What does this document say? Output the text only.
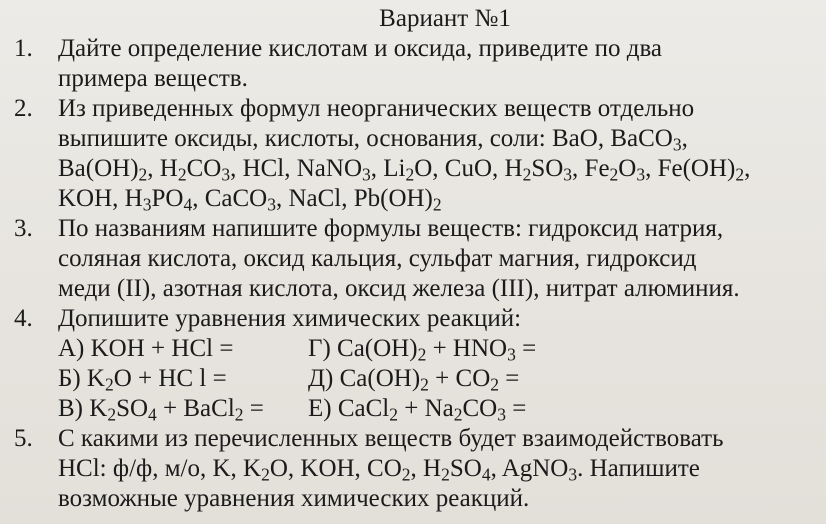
Вариант №1
1. Дайте определение кислотам и оксида, приведите по два
примера веществ.
2. Из приведенных формул неорганических веществ отдельно
выпишите оксиды, кислоты, основания, соли: BaO, BaCO$_3$,
$Ba(OH)_2$, $H_2CO_3$, HCl, NaNO$_3$, $Li_2O$, CuO, $H_2SO_3$, $Fe_2O_3$, $Fe(OH)_2$,
KOH, $H_3PO_4$, CaCO$_3$, NaCl, $Pb(OH)_2$
3. По названиям напишите формулы веществ: гидроксид натрия,
соляная кислота, оксид кальция, сульфат магния, гидроксид
меди (II), азотная кислота, оксид железа (III), нитрат алюминия.
4. Допишите уравнения химических реакций:
А) KOH + HCl =	Г) $Ca(OH)_2 + HNO_3$ =
Б) $K_2O$ + HC l =	Д) $Ca(OH)_2 + CO_2$ =
В) $K_2SO_4$ + BaCl$_2$ =	Е) CaCl$_2$ + $Na_2CO_3$ =
5. С какими из перечисленных веществ будет взаимодействовать
HCl: ф/ф, м/о, K, $K_2O$, KOH, $CO_2$, $H_2SO_4$, AgNO$_3$. Напишите
возможные уравнения химических реакций.
